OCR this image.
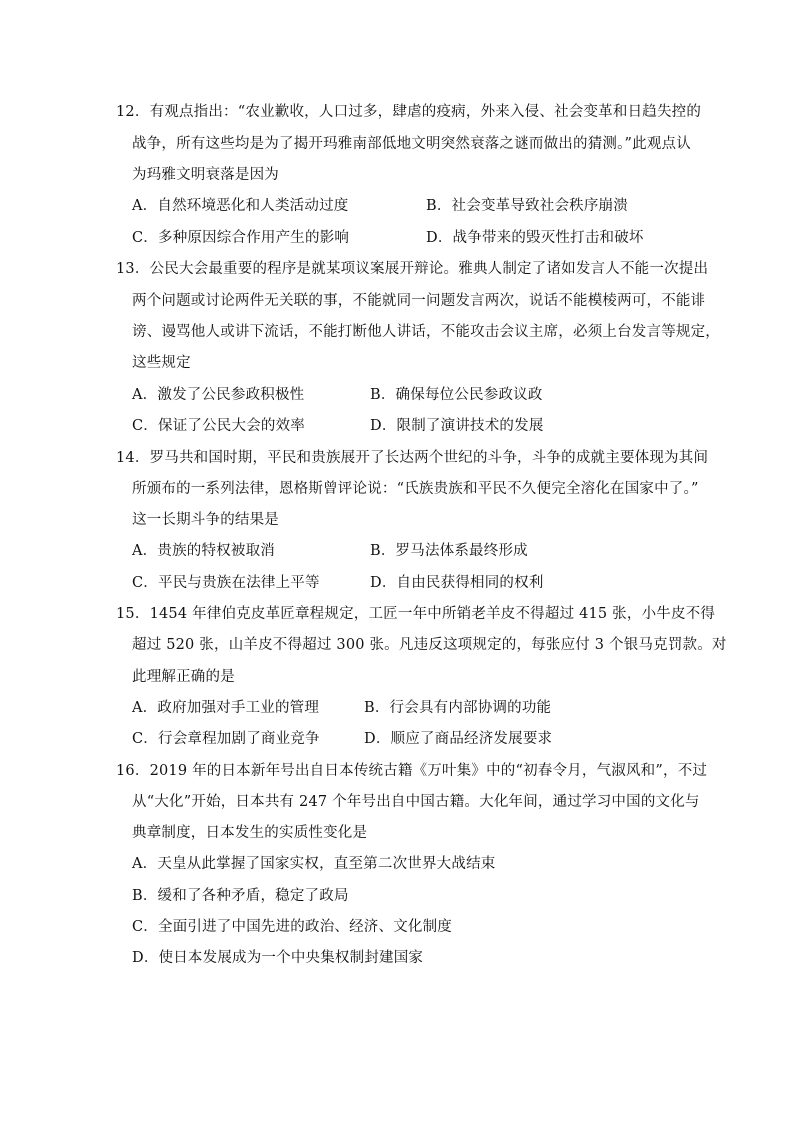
12．有观点指出：“农业歉收，人口过多，肆虐的疫病，外来入侵、社会变革和日趋失控的
战争，所有这些均是为了揭开玛雅南部低地文明突然衰落之谜而做出的猜测。”此观点认
为玛雅文明衰落是因为
A．自然环境恶化和人类活动过度	B．社会变革导致社会秩序崩溃
C．多种原因综合作用产生的影响	D．战争带来的毁灭性打击和破坏
13．公民大会最重要的程序是就某项议案展开辩论。雅典人制定了诸如发言人不能一次提出
两个问题或讨论两件无关联的事，不能就同一问题发言两次，说话不能模棱两可，不能诽
谤、谩骂他人或讲下流话，不能打断他人讲话，不能攻击会议主席，必须上台发言等规定，
这些规定
A．激发了公民参政积极性	B．确保每位公民参政议政
C．保证了公民大会的效率	D．限制了演讲技术的发展
14．罗马共和国时期，平民和贵族展开了长达两个世纪的斗争，斗争的成就主要体现为其间
所颁布的一系列法律，恩格斯曾评论说：“氏族贵族和平民不久便完全溶化在国家中了。”
这一长期斗争的结果是
A．贵族的特权被取消	B．罗马法体系最终形成
C．平民与贵族在法律上平等	D．自由民获得相同的权利
15．1454 年律伯克皮革匠章程规定，工匠一年中所销老羊皮不得超过 415 张，小牛皮不得
超过 520 张，山羊皮不得超过 300 张。凡违反这项规定的，每张应付 3 个银马克罚款。对
此理解正确的是
A．政府加强对手工业的管理	B．行会具有内部协调的功能
C．行会章程加剧了商业竞争	D．顺应了商品经济发展要求
16．2019 年的日本新年号出自日本传统古籍《万叶集》中的“初春令月，气淑风和”，不过
从“大化”开始，日本共有 247 个年号出自中国古籍。大化年间，通过学习中国的文化与
典章制度，日本发生的实质性变化是
A．天皇从此掌握了国家实权，直至第二次世界大战结束
B．缓和了各种矛盾，稳定了政局
C．全面引进了中国先进的政治、经济、文化制度
D．使日本发展成为一个中央集权制封建国家
